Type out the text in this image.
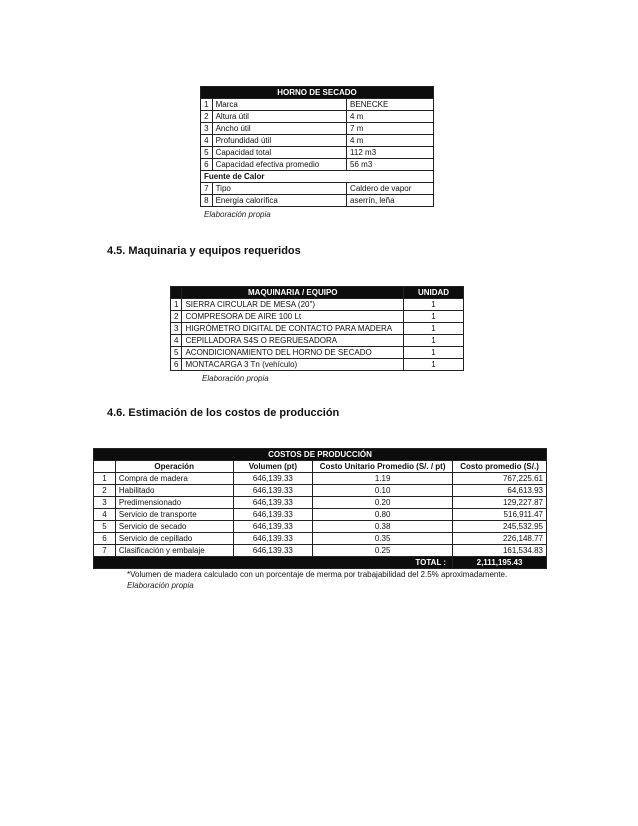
HORNO DE SECADO		
1	Marca	BENECKE
2	Altura útil	4 m
3	Ancho útil	7 m
4	Profundidad útil	4 m
5	Capacidad total	112 m3
6	Capacidad efectiva promedio	56 m3
Fuente de Calor		
7	Tipo	Caldero de vapor
8	Energía calorífica	aserrín, leña
Elaboración propia
4.5. Maquinaria y equipos requeridos
	MAQUINARIA / EQUIPO	UNIDAD
1	SIERRA CIRCULAR DE MESA (20")	1
2	COMPRESORA DE AIRE 100 Lt	1
3	HIGRÓMETRO DIGITAL DE CONTACTO PARA MADERA	1
4	CEPILLADORA S4S O REGRUESADORA	1
5	ACONDICIONAMIENTO DEL HORNO DE SECADO	1
6	MONTACARGA 3 Tn (vehículo)	1
Elaboración propia
4.6. Estimación de los costos de producción
COSTOS DE PRODUCCIÓN				
	Operación	Volumen (pt)	Costo Unitario Promedio (S/. / pt)	Costo promedio (S/.)
1	Compra de madera	646,139.33	1.19	767,225.61
2	Habilitado	646,139.33	0.10	64,613.93
3	Predimensionado	646,139.33	0.20	129,227.87
4	Servicio de transporte	646,139.33	0.80	516,911.47
5	Servicio de secado	646,139.33	0.38	245,532.95
6	Servicio de cepillado	646,139.33	0.35	226,148.77
7	Clasificación y embalaje	646,139.33	0.25	161,534.83
TOTAL :				2,111,195.43
*Volumen de madera calculado con un porcentaje de merma por trabajabilidad del 2.5% aproximadamente.
Elaboración propia
